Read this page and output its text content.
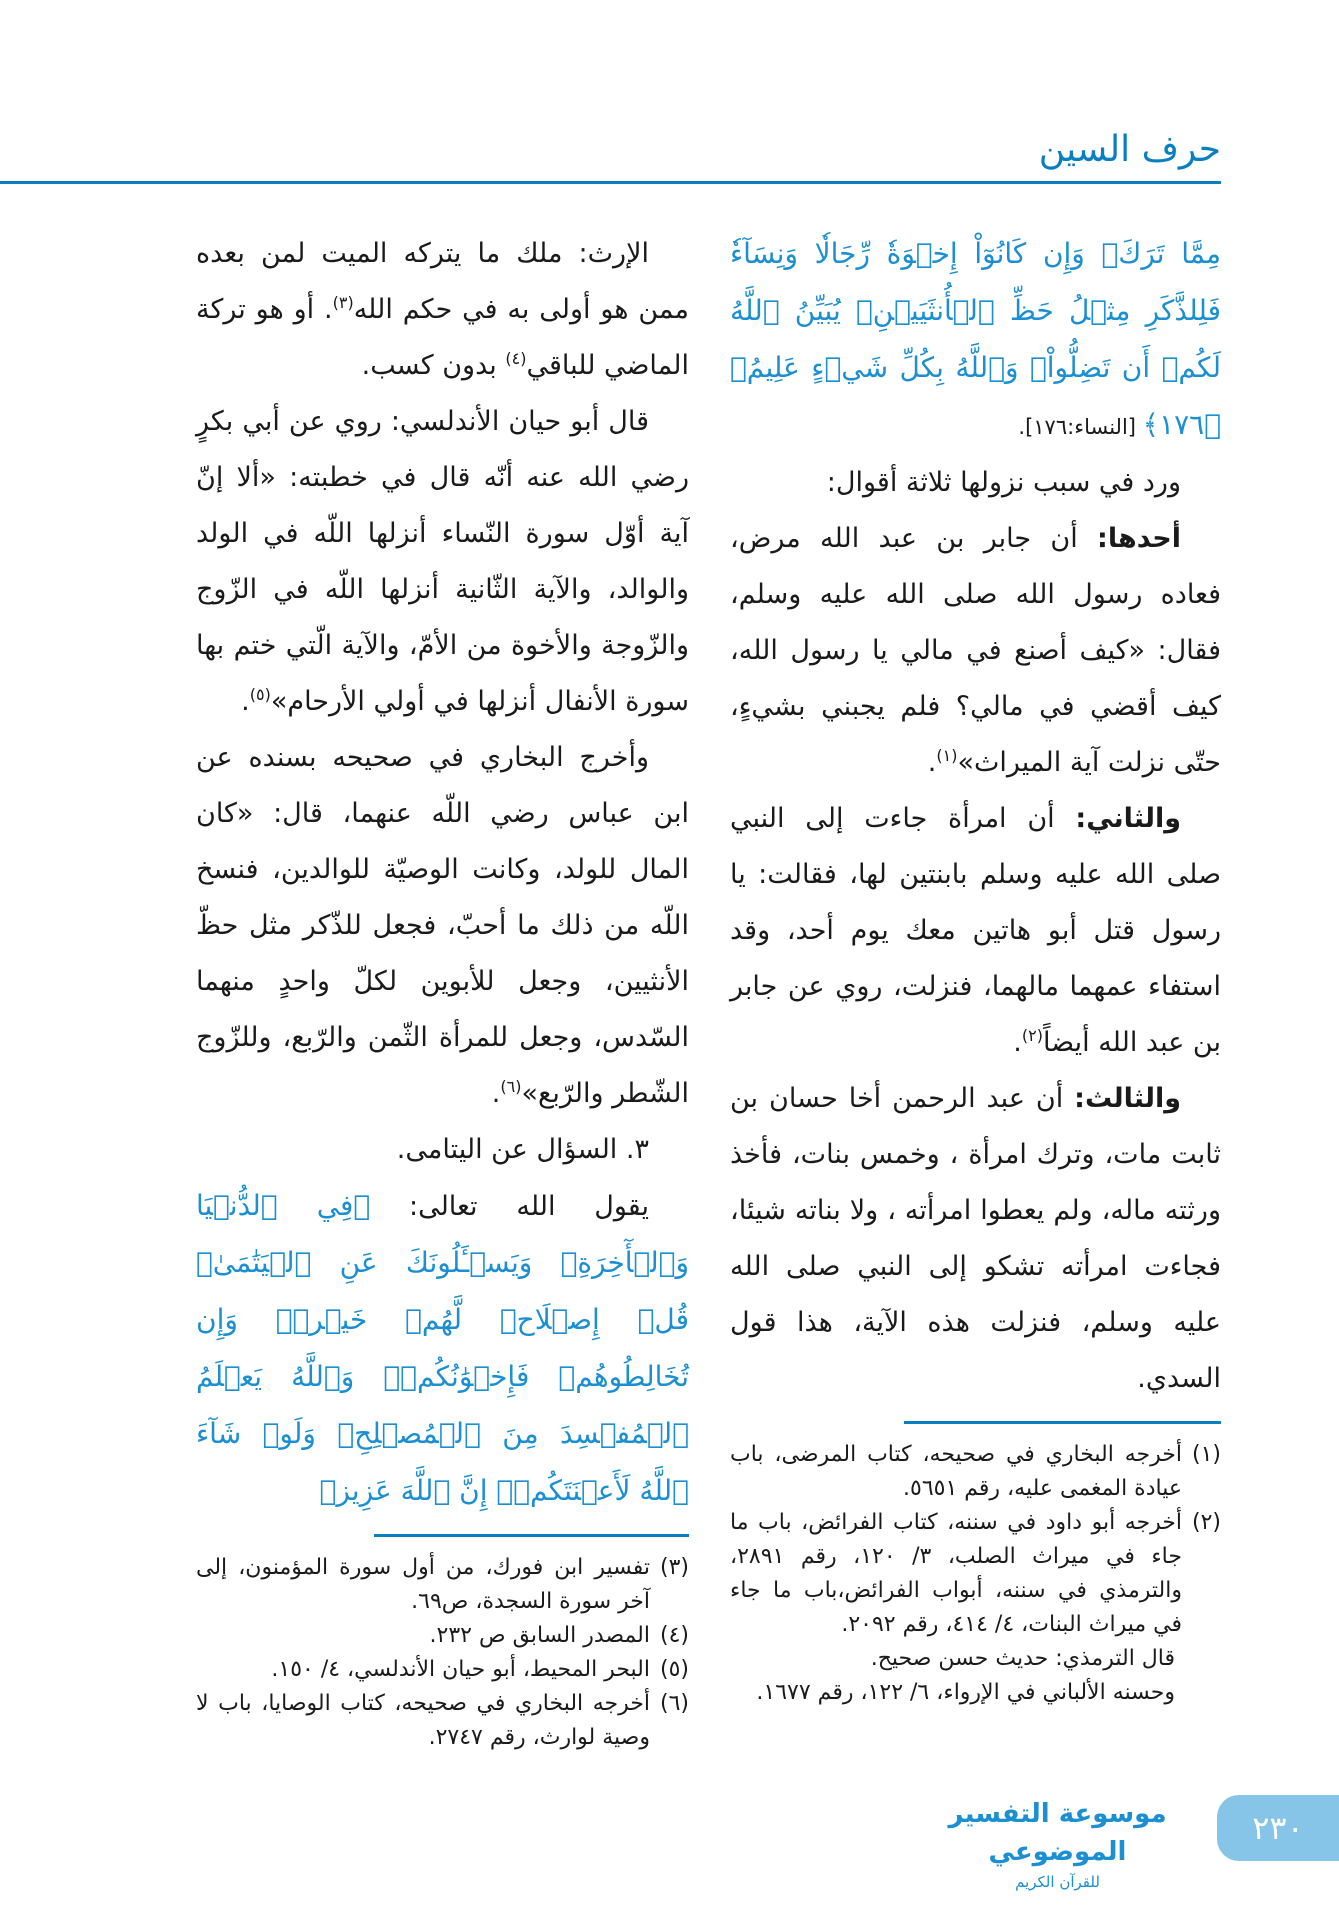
حرف السين

الإرث: ملك ما يتركه الميت لمن بعده ممن هو أولى به في حكم الله$^{(٣)}$. أو هو تركة الماضي للباقي$^{(٤)}$ بدون كسب.

قال أبو حيان الأندلسي: روي عن أبي بكرٍ رضي الله عنه أنّه قال في خطبته: «ألا إنّ آية أوّل سورة النّساء أنزلها اللّه في الولد والوالد، والآية الثّانية أنزلها اللّه في الزّوج والزّوجة والأخوة من الأمّ، والآية الّتي ختم بها سورة الأنفال أنزلها في أولي الأرحام»$^{(٥)}$.

وأخرج البخاري في صحيحه بسنده عن ابن عباس رضي اللّه عنهما، قال: «كان المال للولد، وكانت الوصيّة للوالدين، فنسخ اللّه من ذلك ما أحبّ، فجعل للذّكر مثل حظّ الأنثيين، وجعل للأبوين لكلّ واحدٍ منهما السّدس، وجعل للمرأة الثّمن والرّبع، وللزّوج الشّطر والرّبع»$^{(٦)}$.

٣. السؤال عن اليتامى.

يقول الله تعالى: ﴿فِي ٱلدُّنۡيَا وَٱلۡأٓخِرَةِۗ وَيَسۡـَٔلُونَكَ عَنِ ٱلۡيَتَٰمَىٰۖ قُلۡ إِصۡلَاحٞ لَّهُمۡ خَيۡرٞۖ وَإِن تُخَالِطُوهُمۡ فَإِخۡوَٰنُكُمۡۚ وَٱللَّهُ يَعۡلَمُ ٱلۡمُفۡسِدَ مِنَ ٱلۡمُصۡلِحِۚ وَلَوۡ شَآءَ ٱللَّهُ لَأَعۡنَتَكُمۡۚ إِنَّ ٱللَّهَ عَزِيزٞ

(٣)
تفسير ابن فورك، من أول سورة المؤمنون، إلى آخر سورة السجدة، ص٦٩.
(٤)
المصدر السابق ص ٢٣٢.
(٥)
البحر المحيط، أبو حيان الأندلسي، ٤/ ١٥٠.
(٦)
أخرجه البخاري في صحيحه، كتاب الوصايا، باب لا وصية لوارث، رقم ٢٧٤٧.

مِمَّا تَرَكَۚ وَإِن كَانُوٓاْ إِخۡوَةٗ رِّجَالٗا وَنِسَآءٗ فَلِلذَّكَرِ مِثۡلُ حَظِّ ٱلۡأُنثَيَيۡنِۗ يُبَيِّنُ ٱللَّهُ لَكُمۡ أَن تَضِلُّواْۗ وَٱللَّهُ بِكُلِّ شَيۡءٍ عَلِيمُۢ ﴿١٧٦﴾ [النساء:١٧٦].

ورد في سبب نزولها ثلاثة أقوال:

أحدها: أن جابر بن عبد الله مرض، فعاده رسول الله صلى الله عليه وسلم، فقال: «كيف أصنع في مالي يا رسول الله، كيف أقضي في مالي؟ فلم يجبني بشيءٍ، حتّى نزلت آية الميراث»$^{(١)}$.

والثاني: أن امرأة جاءت إلى النبي صلى الله عليه وسلم بابنتين لها، فقالت: يا رسول قتل أبو هاتين معك يوم أحد، وقد استفاء عمهما مالهما، فنزلت، روي عن جابر بن عبد الله أيضاً$^{(٢)}$.

والثالث: أن عبد الرحمن أخا حسان بن ثابت مات، وترك امرأة ، وخمس بنات، فأخذ ورثته ماله، ولم يعطوا امرأته ، ولا بناته شيئا، فجاءت امرأته تشكو إلى النبي صلى الله عليه وسلم، فنزلت هذه الآية، هذا قول السدي.

(١)
أخرجه البخاري في صحيحه، كتاب المرضى، باب عيادة المغمى عليه، رقم ٥٦٥١.
(٢)
أخرجه أبو داود في سننه، كتاب الفرائض، باب ما جاء في ميراث الصلب، ٣/ ١٢٠، رقم ٢٨٩١، والترمذي في سننه، أبواب الفرائض،باب ما جاء في ميراث البنات، ٤/ ٤١٤، رقم ٢٠٩٢.
قال الترمذي: حديث حسن صحيح.
وحسنه الألباني في الإرواء، ٦/ ١٢٢، رقم ١٦٧٧.
موسوعة التفسير الموضوعي
للقرآن الكريم
٢٣٠
